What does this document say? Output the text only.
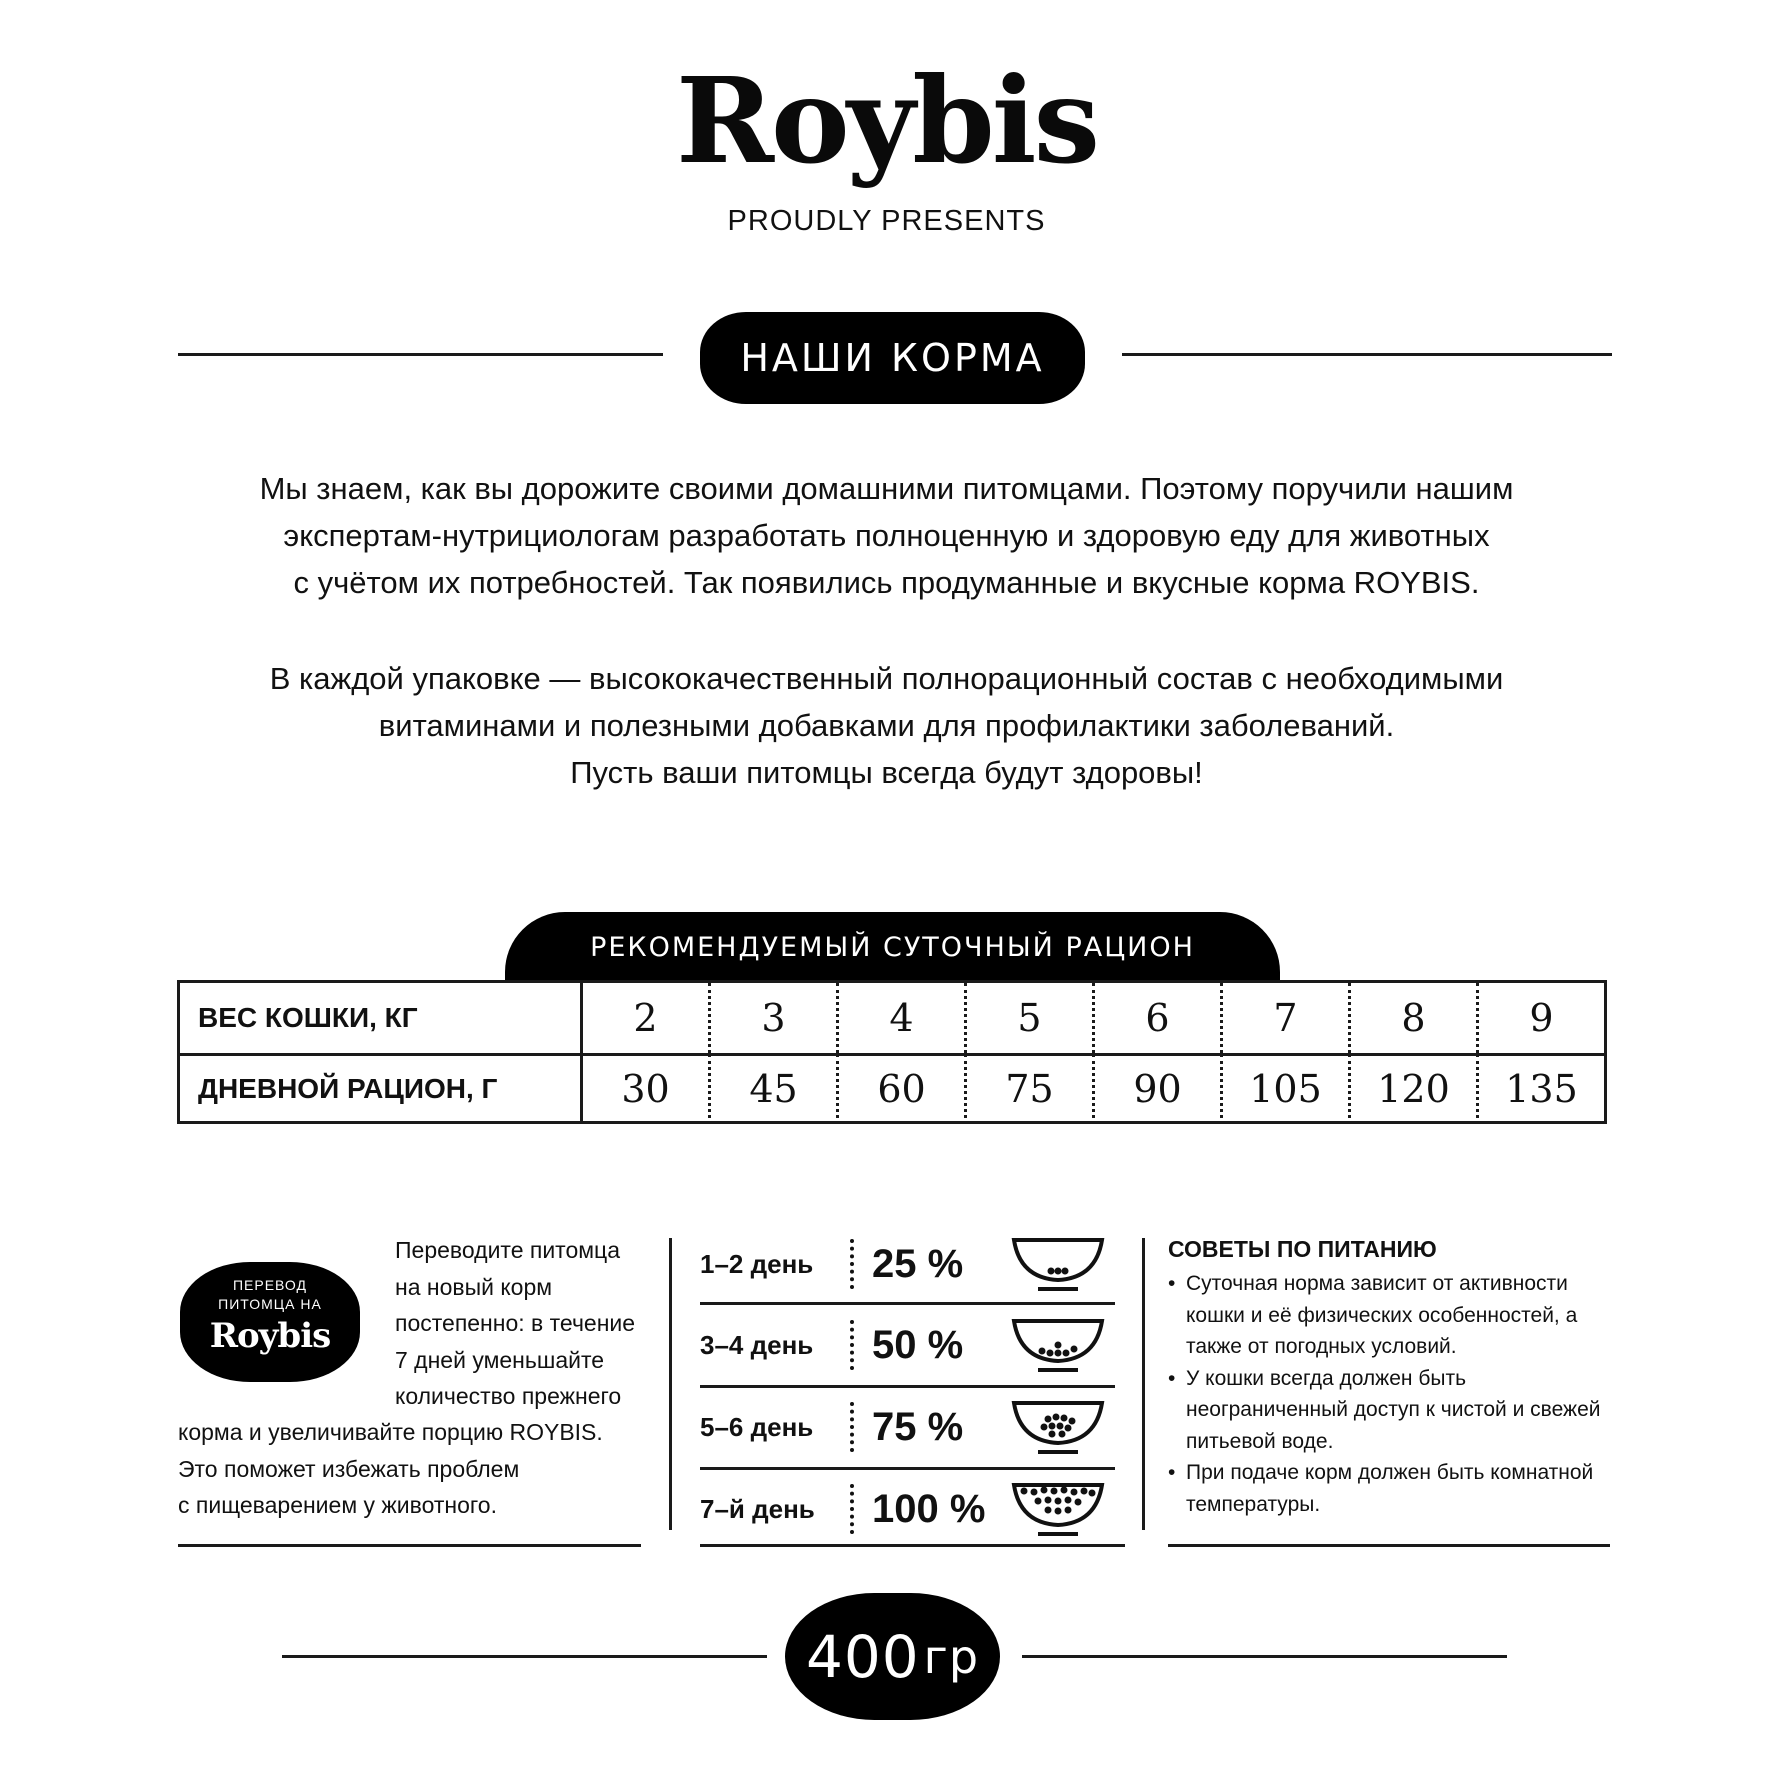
Roybis
PROUDLY PRESENTS
НАШИ КОРМА

Мы знаем, как вы дорожите своими домашними питомцами. Поэтому поручили нашим

экспертам-нутрициологам разработать полноценную и здоровую еду для животных

с учётом их потребностей. Так появились продуманные и вкусные корма ROYBIS.

В каждой упаковке — высококачественный полнорационный состав с необходимыми

витаминами и полезными добавками для профилактики заболеваний.

Пусть ваши питомцы всегда будут здоровы!

РЕКОМЕНДУЕМЫЙ СУТОЧНЫЙ РАЦИОН
ВЕС КОШКИ, КГ	2	3	4	5	6	7	8	9
ДНЕВНОЙ РАЦИОН, Г	30	45	60	75	90	105	120	135
ПЕРЕВОД
ПИТОМЦА НА
Roybis
Переводите питомца
на новый корм
постепенно: в течение
7 дней уменьшайте
количество прежнего
корма и увеличивайте порцию ROYBIS.
Это поможет избежать проблем
с пищеварением у животного.
1–2 день	25 %
3–4 день	50 %
5–6 день	75 %
7–й день	100 %
СОВЕТЫ ПО ПИТАНИЮ
• Суточная норма зависит от активности кошки и её физических особенностей, а также от погодных условий.
• У кошки всегда должен быть неограниченный доступ к чистой и свежей питьевой воде.
• При подаче корм должен быть комнатной температуры.
400 гр
